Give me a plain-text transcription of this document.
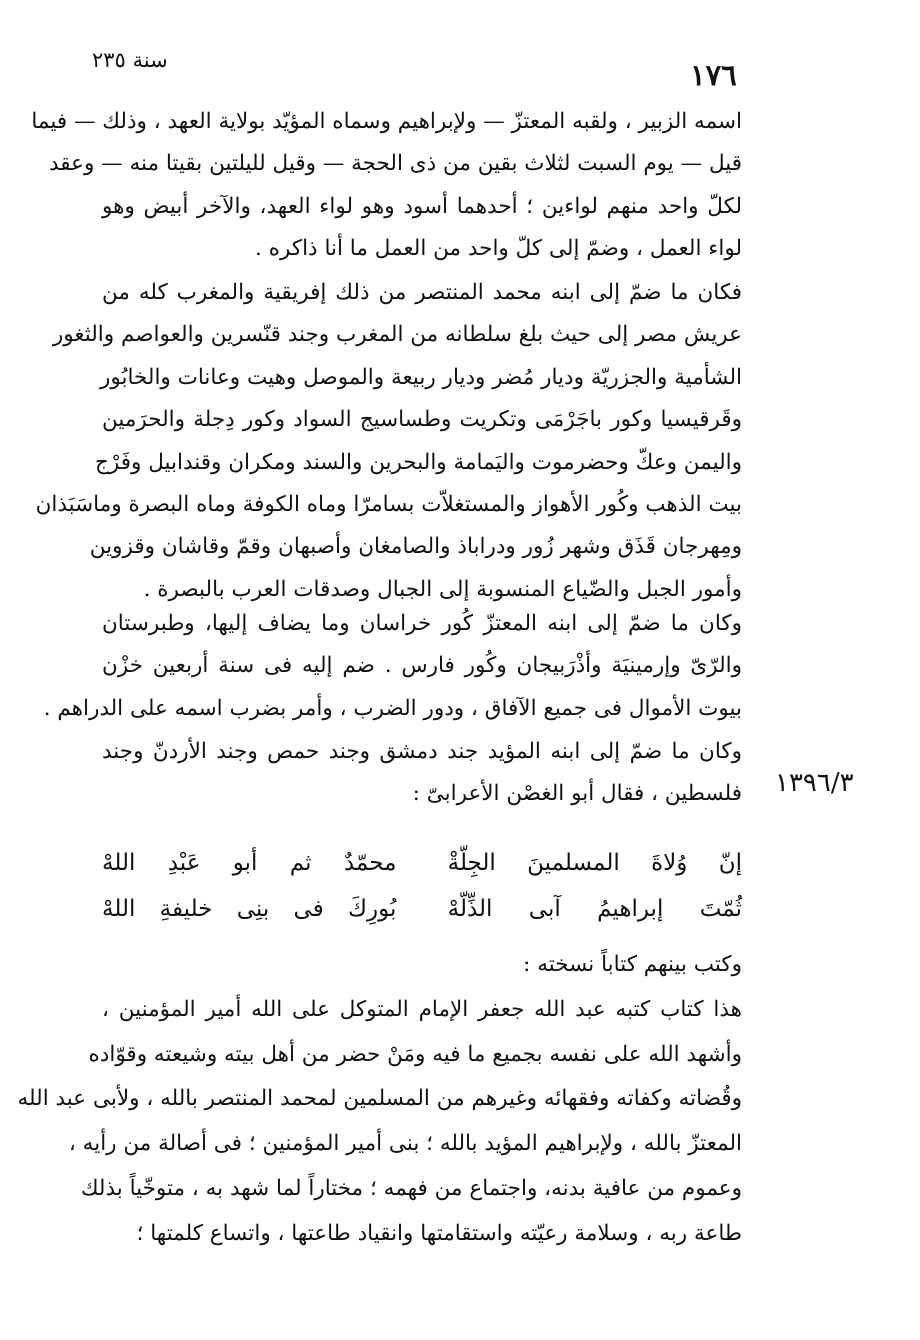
سنة ٢٣٥	١٧٦
١٣٩٦/٣
اسمه الزبير ، ولقبه المعتزّ — ولإبراهيم وسماه المؤيّد بولاية العهد ، وذلك — فيما
قيل — يوم السبت لثلاث بقين من ذى الحجة — وقيل لليلتين بقيتا منه — وعقد
لكلّ واحد منهم لواءين ؛ أحدهما أسود وهو لواء العهد، والآخر أبيض وهو
لواء العمل ، وضمّ إلى كلّ واحد من العمل ما أنا ذاكره .
فكان ما ضمّ إلى ابنه محمد المنتصر من ذلك إفريقية والمغرب كله من
عريش مصر إلى حيث بلغ سلطانه من المغرب وجند قنّسرين والعواصم والثغور
الشأمية والجزريّة وديار مُضر وديار ربيعة والموصل وهيت وعانات والخابُور
وقَرقيسيا وكور باجَرْمَى وتكريت وطساسيج السواد وكور دِجلة والحرَمين
واليمن وعكّ وحضرموت واليَمامة والبحرين والسند ومكران وقندابيل وفَرْج
بيت الذهب وكُور الأهواز والمستغلاّت بسامرّا وماه الكوفة وماه البصرة وماسَبَذان
ومِهرجان قَذَق وشهر زُور ودراباذ والصامغان وأصبهان وقمّ وقاشان وقزوين
وأمور الجبل والضّياع المنسوبة إلى الجبال وصدقات العرب بالبصرة .
وكان ما ضمّ إلى ابنه المعتزّ كُور خراسان وما يضاف إليها، وطبرستان
والرّىّ وإرمينيَة وأذْرَبيجان وكُور فارس . ضم إليه فى سنة أربعين خزْن
بيوت الأموال فى جميع الآفاق ، ودور الضرب ، وأمر بضرب اسمه على الدراهم .
وكان ما ضمّ إلى ابنه المؤيد جند دمشق وجند حمص وجند الأردنّ وجند
فلسطين ، فقال أبو الغصْن الأعرابىّ :
إنّ وُلاةَ المسلمينَ الجِلّةْ
محمّدٌ ثم أبو عَبْدِ اللهْ
ثُمّتَ إبراهيمُ آبى الذِّلّهْ
بُورِكَ فى بنِى خليفةِ اللهْ
وكتب بينهم كتاباً نسخته :
هذا كتاب كتبه عبد الله جعفر الإمام المتوكل على الله أمير المؤمنين ،
وأشهد الله على نفسه بجميع ما فيه ومَنْ حضر من أهل بيته وشيعته وقوّاده
وقُضاته وكفاته وفقهائه وغيرهم من المسلمين لمحمد المنتصر بالله ، ولأبى عبد الله
المعتزّ بالله ، ولإبراهيم المؤيد بالله ؛ بنى أمير المؤمنين ؛ فى أصالة من رأيه ،
وعموم من عافية بدنه، واجتماع من فهمه ؛ مختاراً لما شهد به ، متوخّياً بذلك
طاعة ربه ، وسلامة رعيّته واستقامتها وانقياد طاعتها ، واتساع كلمتها ؛
